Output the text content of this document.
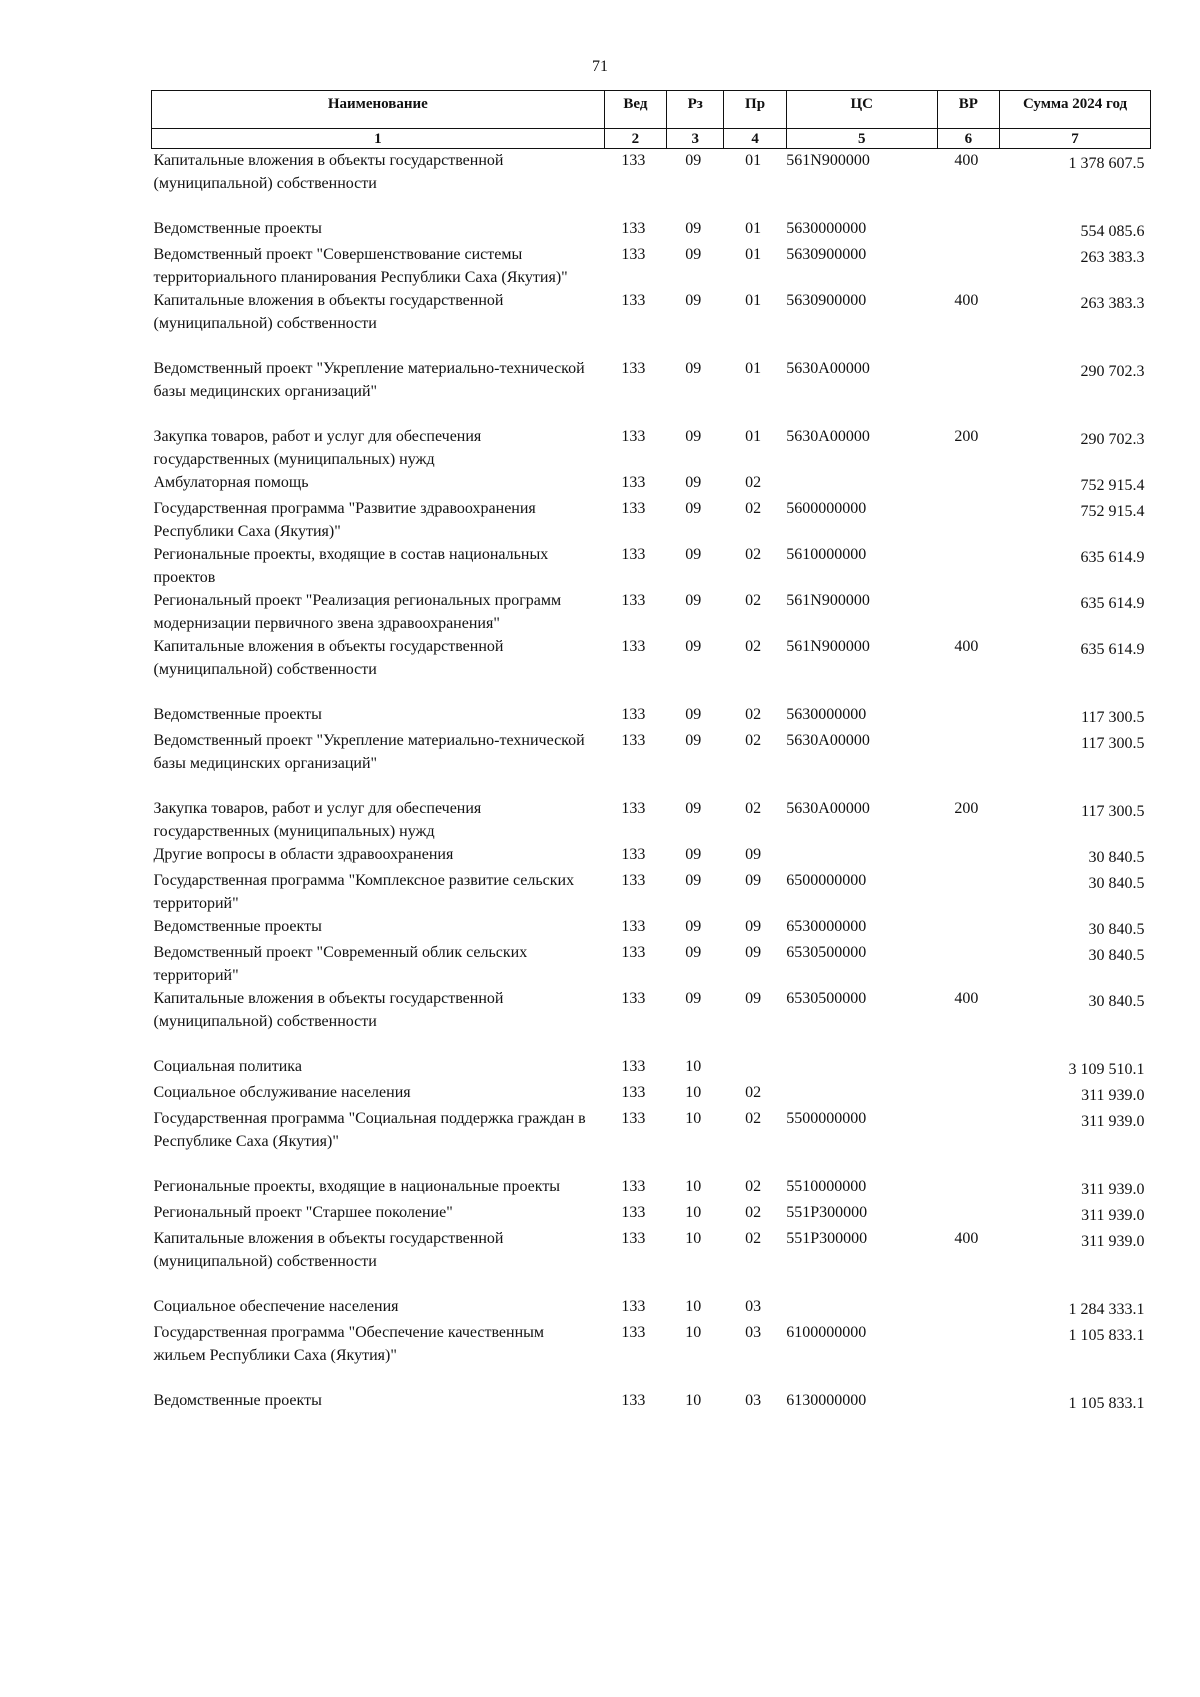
71
Наименование	Вед	Рз	Пр	ЦС	ВР	Сумма 2024 год
1	2	3	4	5	6	7
Капитальные вложения в объекты государственной (муниципальной) собственности	133	09	01	561N900000	400	1 378 607.5
Ведомственные проекты	133	09	01	5630000000		554 085.6
Ведомственный проект "Совершенствование системы территориального планирования Республики Саха (Якутия)"	133	09	01	5630900000		263 383.3
Капитальные вложения в объекты государственной (муниципальной) собственности	133	09	01	5630900000	400	263 383.3
Ведомственный проект "Укрепление материально-технической базы медицинских организаций"	133	09	01	5630A00000		290 702.3
Закупка товаров, работ и услуг для обеспечения государственных (муниципальных) нужд	133	09	01	5630A00000	200	290 702.3
Амбулаторная помощь	133	09	02			752 915.4
Государственная программа "Развитие здравоохранения Республики Саха (Якутия)"	133	09	02	5600000000		752 915.4
Региональные проекты, входящие в состав национальных проектов	133	09	02	5610000000		635 614.9
Региональный проект "Реализация региональных программ модернизации первичного звена здравоохранения"	133	09	02	561N900000		635 614.9
Капитальные вложения в объекты государственной (муниципальной) собственности	133	09	02	561N900000	400	635 614.9
Ведомственные проекты	133	09	02	5630000000		117 300.5
Ведомственный проект "Укрепление материально-технической базы медицинских организаций"	133	09	02	5630A00000		117 300.5
Закупка товаров, работ и услуг для обеспечения государственных (муниципальных) нужд	133	09	02	5630A00000	200	117 300.5
Другие вопросы в области здравоохранения	133	09	09			30 840.5
Государственная программа "Комплексное развитие сельских территорий"	133	09	09	6500000000		30 840.5
Ведомственные проекты	133	09	09	6530000000		30 840.5
Ведомственный проект "Современный облик сельских территорий"	133	09	09	6530500000		30 840.5
Капитальные вложения в объекты государственной (муниципальной) собственности	133	09	09	6530500000	400	30 840.5
Социальная политика	133	10				3 109 510.1
Социальное обслуживание населения	133	10	02			311 939.0
Государственная программа "Социальная поддержка граждан в Республике Саха (Якутия)"	133	10	02	5500000000		311 939.0
Региональные проекты, входящие в национальные проекты	133	10	02	5510000000		311 939.0
Региональный проект "Старшее поколение"	133	10	02	551P300000		311 939.0
Капитальные вложения в объекты государственной (муниципальной) собственности	133	10	02	551P300000	400	311 939.0
Социальное обеспечение населения	133	10	03			1 284 333.1
Государственная программа "Обеспечение качественным жильем Республики Саха (Якутия)"	133	10	03	6100000000		1 105 833.1
Ведомственные проекты	133	10	03	6130000000		1 105 833.1
